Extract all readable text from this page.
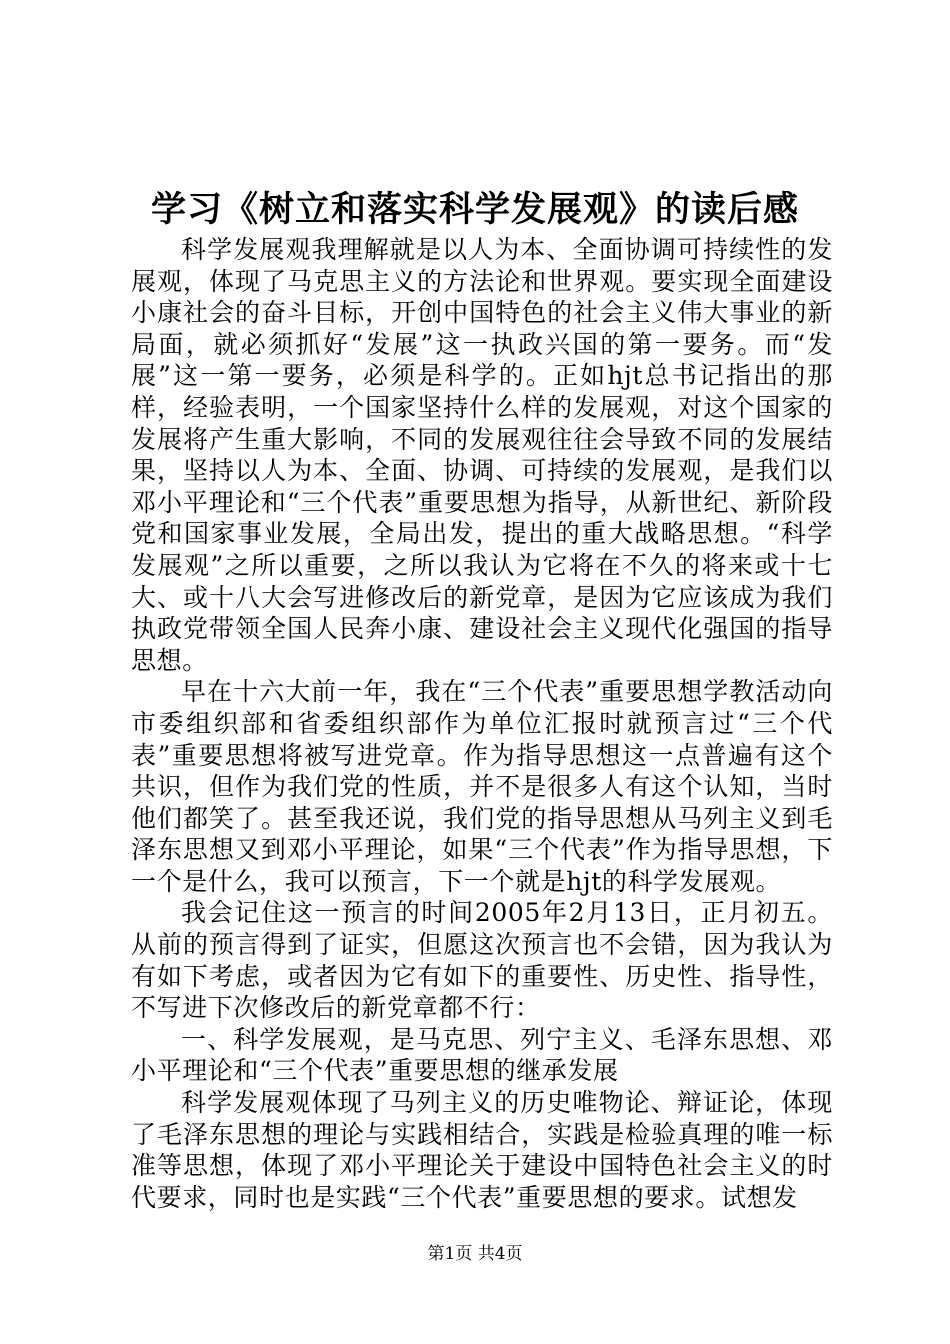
学习《树立和落实科学发展观》的读后感

科学发展观我理解就是以人为本、全面协调可持续性的发展观，体现了马克思主义的方法论和世界观。要实现全面建设小康社会的奋斗目标，开创中国特色的社会主义伟大事业的新局面，就必须抓好“发展”这一执政兴国的第一要务。而“发展”这一第一要务，必须是科学的。正如hjt总书记指出的那样，经验表明，一个国家坚持什么样的发展观，对这个国家的发展将产生重大影响，不同的发展观往往会导致不同的发展结果，坚持以人为本、全面、协调、可持续的发展观，是我们以邓小平理论和“三个代表”重要思想为指导，从新世纪、新阶段党和国家事业发展，全局出发，提出的重大战略思想。“科学发展观”之所以重要，之所以我认为它将在不久的将来或十七大、或十八大会写进修改后的新党章，是因为它应该成为我们执政党带领全国人民奔小康、建设社会主义现代化强国的指导思想。

早在十六大前一年，我在“三个代表”重要思想学教活动向市委组织部和省委组织部作为单位汇报时就预言过“三个代表”重要思想将被写进党章。作为指导思想这一点普遍有这个共识，但作为我们党的性质，并不是很多人有这个认知，当时他们都笑了。甚至我还说，我们党的指导思想从马列主义到毛泽东思想又到邓小平理论，如果“三个代表”作为指导思想，下一个是什么，我可以预言，下一个就是hjt的科学发展观。

我会记住这一预言的时间2005年2月13日，正月初五。从前的预言得到了证实，但愿这次预言也不会错，因为我认为有如下考虑，或者因为它有如下的重要性、历史性、指导性，不写进下次修改后的新党章都不行：

一、科学发展观，是马克思、列宁主义、毛泽东思想、邓小平理论和“三个代表”重要思想的继承发展

科学发展观体现了马列主义的历史唯物论、辩证论，体现了毛泽东思想的理论与实践相结合，实践是检验真理的唯一标准等思想，体现了邓小平理论关于建设中国特色社会主义的时代要求，同时也是实践“三个代表”重要思想的要求。试想发

第1页 共4页
